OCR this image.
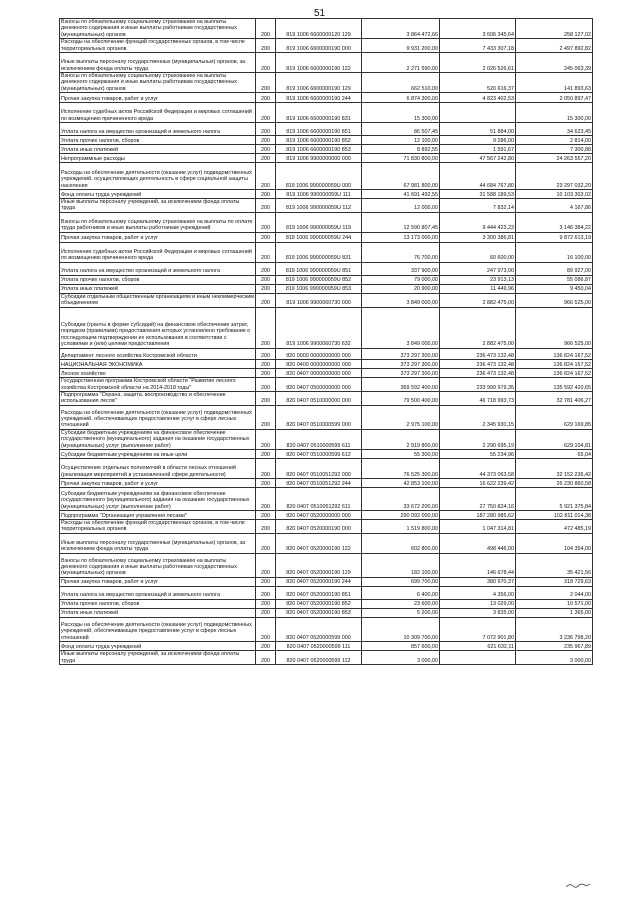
51
Взносы по обязательному социальному страхованию на выплаты денежного содержания и иные выплаты работникам государственных (муниципальных) органов	200	819 1006 6600000120 129	3 864 472,66	3 606 345,64	258 127,02
Расходы на обеспечение функций государственных органов, в том числе территориальных органов	200	819 1006 6600000190 000	9 931 200,00	7 433 307,18	2 497 892,82
Иные выплаты персоналу государственных (муниципальных) органов, за исключением фонда оплаты труда	200	819 1006 6600000190 122	2 271 590,00	2 026 526,61	245 063,39
Взносы по обязательному социальному страхованию на выплаты денежного содержания и иные выплаты работникам государственных (муниципальных) органов	200	819 1006 6600000190 129	662 510,00	520 616,37	141 893,63
Прочая закупка товаров, работ и услуг	200	819 1006 6600000190 244	6 874 300,00	4 823 402,53	2 050 897,47
Исполнение судебных актов Российской Федерации и мировых соглашений по возмещению причиненного вреда	200	819 1006 6600000190 831	15 300,00		15 300,00
Уплата налога на имущество организаций и земельного налога	200	819 1006 6600000190 851	86 507,45	51 884,00	34 623,45
Уплата прочих налогов, сборов	200	819 1006 6600000190 852	12 100,00	9 286,00	2 814,00
Уплата иных платежей	200	819 1006 6600000190 853	8 892,55	1 591,67	7 300,88
Непрограммные расходы	200	819 1006 9900000000 000	71 830 800,00	47 567 242,80	24 263 557,20
Расходы на обеспечение деятельности (оказание услуг) подведомственных учреждений, осуществляющих деятельность в сфере социальной защиты населения	200	819 1006 990000059U 000	67 981 800,00	44 684 767,80	23 297 032,20
Фонд оплаты труда учреждений	200	819 1006 990000059U 111	41 691 492,55	31 588 189,53	10 103 303,02
Иные выплаты персоналу учреждений, за исключением фонда оплаты труда	200	819 1006 990000059U 112	12 000,00	7 832,14	4 167,86
Взносы по обязательному социальному страхованию на выплаты по оплате труда работников и иные выплаты работникам учреждений	200	819 1006 990000059U 119	12 590 807,45	9 444 423,23	3 146 384,22
Прочая закупка товаров, работ и услуг	200	819 1006 990000059U 244	13 173 000,00	3 300 386,81	9 872 613,19
Исполнение судебных актов Российской Федерации и мировых соглашений по возмещению причиненного вреда	200	819 1006 990000059U 831	76 700,00	60 600,00	16 100,00
Уплата налога на имущество организаций и земельного налога	200	819 1006 990000059U 851	337 900,00	247 973,00	89 927,00
Уплата прочих налогов, сборов	200	819 1006 990000059U 852	79 000,00	23 913,13	55 086,87
Уплата иных платежей	200	819 1006 990000059U 853	20 900,00	11 449,96	9 450,04
Субсидии отдельным общественным организациям и иным некоммерческим объединениям	200	819 1006 9900060730 000	3 849 000,00	2 882 475,00	966 525,00
Субсидии (гранты в форме субсидий) на финансовое обеспечение затрат, порядком (правилами) предоставления которых установлено требование о последующем подтверждении их использования в соответствии с условиями и (или) целями предоставления	200	819 1006 9900060730 632	3 849 000,00	2 882 475,00	966 525,00
Департамент лесного хозяйства Костромской области	200	820 0000 0000000000 000	373 297 300,00	236 473 132,48	136 824 167,52
НАЦИОНАЛЬНАЯ ЭКОНОМИКА	200	820 0400 0000000000 000	373 297 300,00	236 473 132,48	136 824 167,52
Лесное хозяйство	200	820 0407 0000000000 000	373 297 300,00	236 473 132,48	136 824 167,52
Государственная программа Костромской области "Развитие лесного хозяйства Костромской области на 2014-2018 годы"	200	820 0407 0500000000 000	369 592 400,00	233 999 979,35	135 592 420,65
Подпрограмма "Охрана, защита, воспроизводство и обеспечение использования лесов"	200	820 0407 0510000000 000	79 500 400,00	46 718 993,73	32 781 406,27
Расходы на обеспечение деятельности (оказание услуг) подведомственных учреждений, обеспечивающих предоставление услуг в сфере лесных отношений	200	820 0407 0510000599 000	2 975 100,00	2 345 930,15	629 169,85
Субсидии бюджетным учреждениям на финансовое обеспечение государственного (муниципального) задания на оказание государственных (муниципальных) услуг (выполнение работ)	200	820 0407 0510000599 611	2 919 800,00	2 290 695,19	629 104,81
Субсидии бюджетным учреждениям на иные цели	200	820 0407 0510000599 612	55 300,00	55 234,96	65,04
Осуществление отдельных полномочий в области лесных отношений (реализация мероприятий в установленной сфере деятельности)	200	820 0407 0510051292 000	76 525 300,00	44 373 063,58	32 152 236,42
Прочая закупка товаров, работ и услуг	200	820 0407 0510051292 244	42 853 100,00	16 622 239,42	26 230 860,58
Субсидии бюджетным учреждениям на финансовое обеспечение государственного (муниципального) задания на оказание государственных (муниципальных) услуг (выполнение работ)	200	820 0407 0510051292 611	33 672 200,00	27 750 824,16	5 921 375,84
Подпрограмма "Организация управления лесами"	200	820 0407 0520000000 000	290 092 000,00	187 280 985,62	102 811 014,38
Расходы на обеспечение функций государственных органов, в том числе территориальных органов	200	820 0407 0520000190 000	1 519 800,00	1 047 314,81	472 485,19
Иные выплаты персоналу государственных (муниципальных) органов, за исключением фонда оплаты труда	200	820 0407 0520000190 122	602 800,00	498 446,00	104 354,00
Взносы по обязательному социальному страхованию на выплаты денежного содержания и иные выплаты работникам государственных (муниципальных) органов	200	820 0407 0520000190 129	182 100,00	146 678,44	35 421,56
Прочая закупка товаров, работ и услуг	200	820 0407 0520000190 244	699 700,00	380 970,37	318 729,63
Уплата налога на имущество организаций и земельного налога	200	820 0407 0520000190 851	6 400,00	4 356,00	2 044,00
Уплата прочих налогов, сборов	200	820 0407 0520000190 852	23 600,00	13 029,00	10 571,00
Уплата иных платежей	200	820 0407 0520000190 853	5 200,00	3 835,00	1 365,00
Расходы на обеспечение деятельности (оказание услуг) подведомственных учреждений, обеспечивающих предоставление услуг в сфере лесных отношений	200	820 0407 0520000599 000	10 309 700,00	7 072 901,80	3 236 798,20
Фонд оплаты труда учреждений	200	820 0407 0520000599 111	857 600,00	621 632,11	235 967,89
Иные выплаты персоналу учреждений, за исключением фонда оплаты труда	200	820 0407 0520000599 112	3 000,00		3 000,00
